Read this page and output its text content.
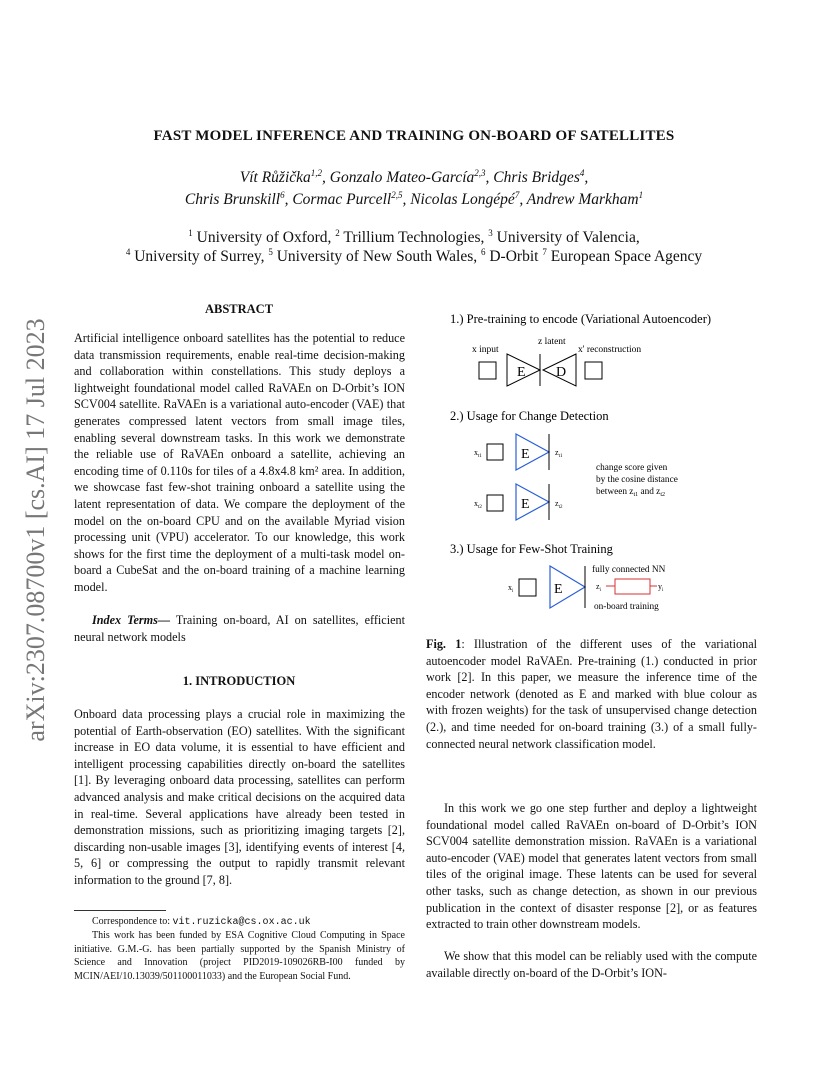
arXiv:2307.08700v1 [cs.AI] 17 Jul 2023
FAST MODEL INFERENCE AND TRAINING ON-BOARD OF SATELLITES
Vít Růžička$^{1,2}$, Gonzalo Mateo-García$^{2,3}$, Chris Bridges$^4$,
Chris Brunskill$^6$, Cormac Purcell$^{2,5}$, Nicolas Longépé$^7$, Andrew Markham$^1$
$^1$ University of Oxford, $^2$ Trillium Technologies, $^3$ University of Valencia,
$^4$ University of Surrey, $^5$ University of New South Wales, $^6$ D-Orbit $^7$ European Space Agency
ABSTRACT
Artificial intelligence onboard satellites has the potential to reduce data transmission requirements, enable real-time decision-making and collaboration within constellations. This study deploys a lightweight foundational model called RaVAEn on D-Orbit’s ION SCV004 satellite. RaVAEn is a variational auto-encoder (VAE) that generates compressed latent vectors from small image tiles, enabling several downstream tasks. In this work we demonstrate the reliable use of RaVAEn onboard a satellite, achieving an encoding time of 0.110s for tiles of a 4.8x4.8 km² area. In addition, we showcase fast few-shot training onboard a satellite using the latent representation of data. We compare the deployment of the model on the on-board CPU and on the available Myriad vision processing unit (VPU) accelerator. To our knowledge, this work shows for the first time the deployment of a multi-task model on-board a CubeSat and the on-board training of a machine learning model.
Index Terms— Training on-board, AI on satellites, efficient neural network models
1. INTRODUCTION
Onboard data processing plays a crucial role in maximizing the potential of Earth-observation (EO) satellites. With the significant increase in EO data volume, it is essential to have efficient and intelligent processing capabilities directly on-board the satellites [1]. By leveraging onboard data processing, satellites can perform advanced analysis and make critical decisions on the acquired data in real-time. Several applications have already been tested in demonstration missions, such as prioritizing imaging targets [2], discarding non-usable images [3], identifying events of interest [4, 5, 6] or compressing the output to rapidly transmit relevant information to the ground [7, 8].
Correspondence to: vit.ruzicka@cs.ox.ac.uk
This work has been funded by ESA Cognitive Cloud Computing in Space initiative. G.M.-G. has been partially supported by the Spanish Ministry of Science and Innovation (project PID2019-109026RB-I00 funded by MCIN/AEI/10.13039/501100011033) and the European Social Fund.
1.) Pre-training to encode (Variational Autoencoder)
z latent
x input	x' reconstruction
E D
2.) Usage for Change Detection
$x_{t1}$	E	$z_{t1}$
$x_{t2}$	E	$z_{t2}$
change score given
by the cosine distance
between $z_{t1}$ and $z_{t2}$
3.) Usage for Few-Shot Training
fully connected NN
$x_i$	E	$z_i$	$y_i$
on-board training
Fig. 1: Illustration of the different uses of the variational autoencoder model RaVAEn. Pre-training (1.) conducted in prior work [2]. In this paper, we measure the inference time of the encoder network (denoted as E and marked with blue colour as with frozen weights) for the task of unsupervised change detection (2.), and time needed for on-board training (3.) of a small fully-connected neural network classification model.
In this work we go one step further and deploy a lightweight foundational model called RaVAEn on-board of D-Orbit’s ION SCV004 satellite demonstration mission. RaVAEn is a variational auto-encoder (VAE) model that generates latent vectors from small tiles of the original image. These latents can be used for several other tasks, such as change detection, as shown in our previous publication in the context of disaster response [2], or as features extracted to train other downstream models.
We show that this model can be reliably used with the compute available directly on-board of the D-Orbit’s ION-
